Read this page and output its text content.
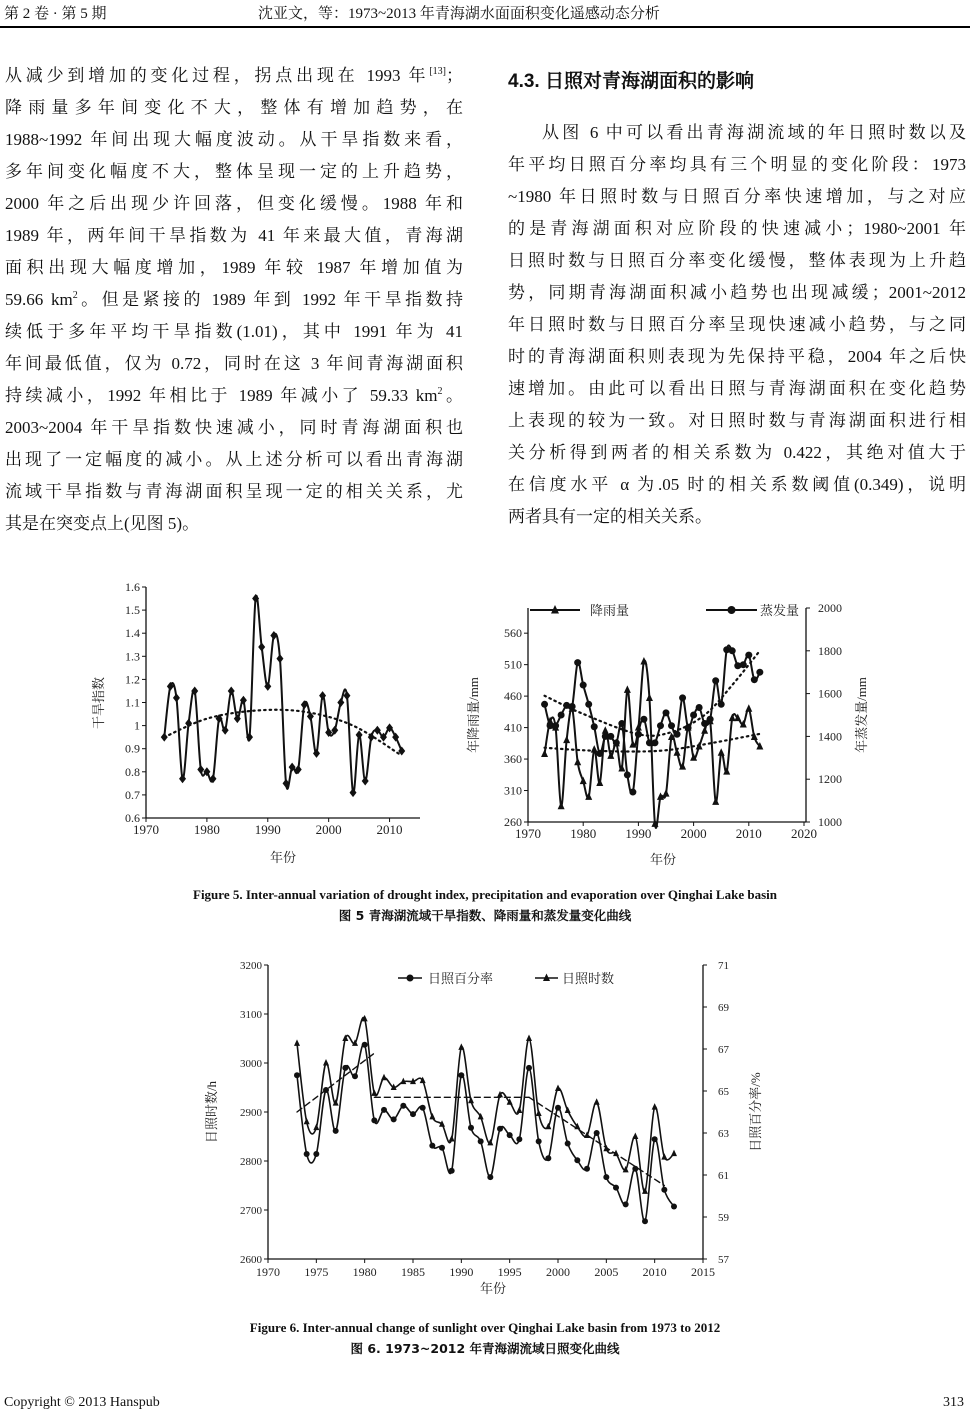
第 2 卷 · 第 5 期	沈亚文，等：1973~2013 年青海湖水面面积变化遥感动态分析
从减少到增加的变化过程，拐点出现在 1993 年[13]；
降雨量多年间变化不大，整体有增加趋势，在
1988~1992 年间出现大幅度波动。从干旱指数来看，
多年间变化幅度不大，整体呈现一定的上升趋势，
2000 年之后出现少许回落，但变化缓慢。1988 年和
1989 年，两年间干旱指数为 41 年来最大值，青海湖
面积出现大幅度增加，1989 年较 1987 年增加值为
59.66 $km^2$。但是紧接的 1989 年到 1992 年干旱指数持
续低于多年平均干旱指数(1.01)，其中 1991 年为 41
年间最低值，仅为 0.72，同时在这 3 年间青海湖面积
持续减小，1992 年相比于 1989 年减小了 59.33 $km^2$。
2003~2004 年干旱指数快速减小，同时青海湖面积也
出现了一定幅度的减小。从上述分析可以看出青海湖
流域干旱指数与青海湖面积呈现一定的相关关系，尤
其是在突变点上(见图 5)。
4.3. 日照对青海湖面积的影响
从图 6 中可以看出青海湖流域的年日照时数以及
年平均日照百分率均具有三个明显的变化阶段：1973
~1980 年日照时数与日照百分率快速增加，与之对应
的是青海湖面积对应阶段的快速减小；1980~2001 年
日照时数与日照百分率变化缓慢，整体表现为上升趋
势，同期青海湖面积减小趋势也出现减缓；2001~2012
年日照时数与日照百分率呈现快速减小趋势，与之同
时的青海湖面积则表现为先保持平稳，2004 年之后快
速增加。由此可以看出日照与青海湖面积在变化趋势
上表现的较为一致。对日照时数与青海湖面积进行相
关分析得到两者的相关系数为 0.422，其绝对值大于
在信度水平 α 为.05 时的相关系数阈值(0.349)，说明
两者具有一定的相关关系。
1970	1980	1990	2000	2010
0.6
0.7
0.8
0.9
1
1.1
1.2
1.3
1.4
1.5
1.6
年份
干旱指数
1970 1980 1990 2000 2010 2020
260
310
360
410
460
510
560
1000
1200
1400
1600
1800
2000
年份
年降雨量/mm	年蒸发量/mm
降雨量	蒸发量
1970 1975 1980 1985 1990 1995 2000 2005 2010 2015
2600
2700
2800
2900
3000
3100
3200
57
59
61
63
65
67
69
71
年份
日照时数/h	日照百分率/%
日照百分率	日照时数
Figure 5. Inter-annual variation of drought index, precipitation and evaporation over Qinghai Lake basin
图 5 青海湖流域干旱指数、降雨量和蒸发量变化曲线
Figure 6. Inter-annual change of sunlight over Qinghai Lake basin from 1973 to 2012
图 6. 1973~2012 年青海湖流域日照变化曲线
Copyright © 2013 Hanspub	313
